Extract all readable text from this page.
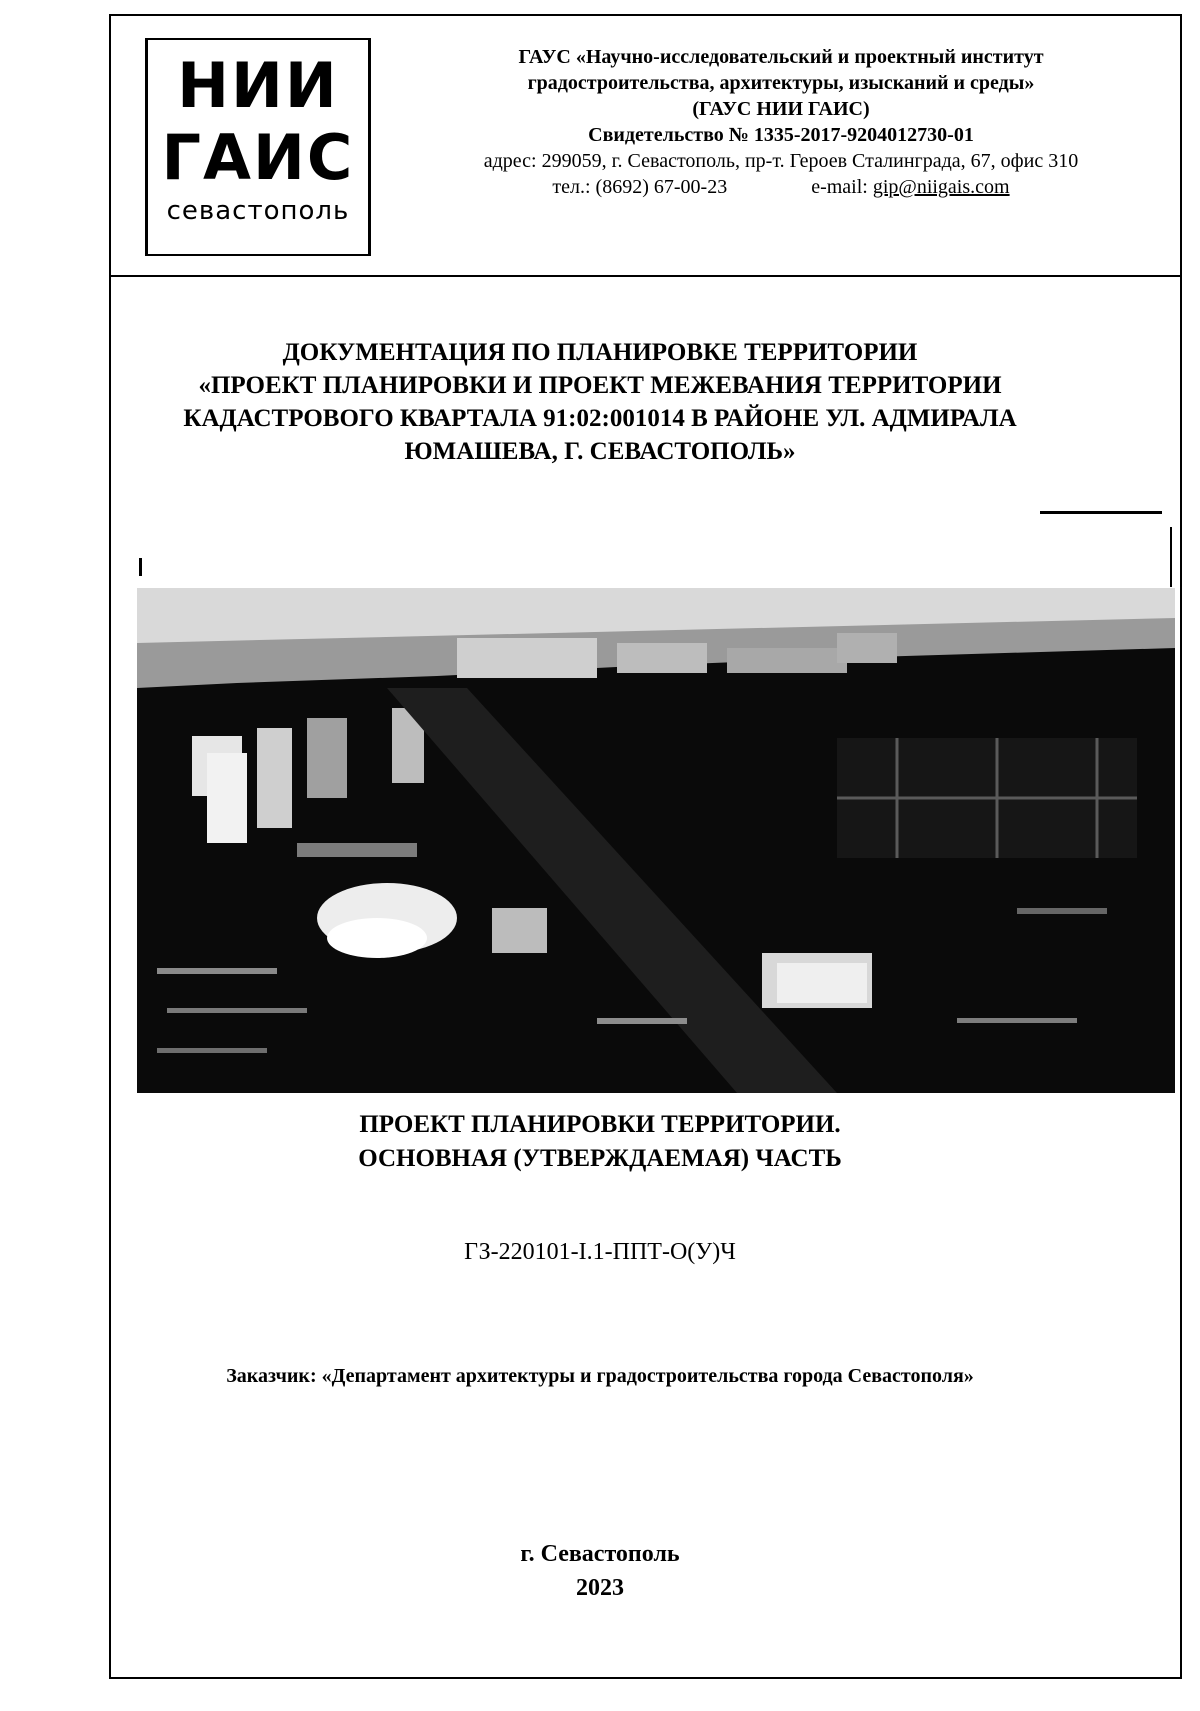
НИИ
ГАИС
севастополь
ГАУС «Научно-исследовательский и проектный институт
градостроительства, архитектуры, изысканий и среды»
(ГАУС НИИ ГАИС)
Свидетельство № 1335-2017-9204012730-01
адрес: 299059, г. Севастополь, пр-т. Героев Сталинграда, 67, офис 310
тел.: (8692) 67-00-23	e-mail: gip@niigais.com
ДОКУМЕНТАЦИЯ ПО ПЛАНИРОВКЕ ТЕРРИТОРИИ
«ПРОЕКТ ПЛАНИРОВКИ И ПРОЕКТ МЕЖЕВАНИЯ ТЕРРИТОРИИ
КАДАСТРОВОГО КВАРТАЛА 91:02:001014 В РАЙОНЕ УЛ. АДМИРАЛА
ЮМАШЕВА, Г. СЕВАСТОПОЛЬ»
ПРОЕКТ ПЛАНИРОВКИ ТЕРРИТОРИИ.
ОСНОВНАЯ (УТВЕРЖДАЕМАЯ) ЧАСТЬ
ГЗ-220101-I.1-ППТ-О(У)Ч
Заказчик: «Департамент архитектуры и градостроительства города Севастополя»
г. Севастополь
2023
